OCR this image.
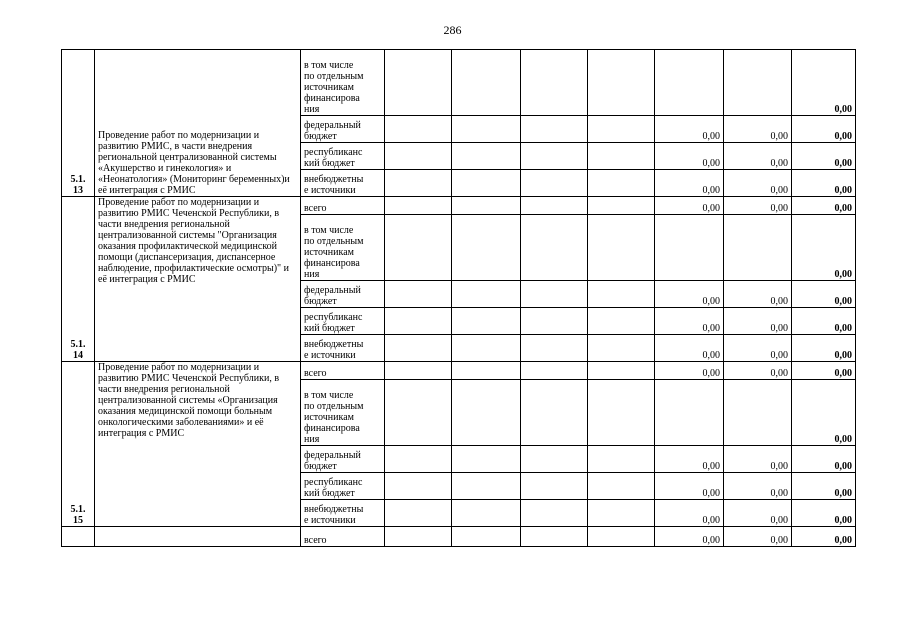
286
5.1.
13	Проведение работ по модернизации и развитию РМИС, в части внедрения региональной централизованной системы «Акушерство и гинекология» и «Неонатология» (Мониторинг беременных)и её интеграция с РМИС	в том числе
по отдельным
источникам
финансирова
ния							0,00
		федеральный
бюджет					0,00	0,00	0,00
		республиканс
кий бюджет					0,00	0,00	0,00
		внебюджетны
е источники					0,00	0,00	0,00
5.1.
14	Проведение работ по модернизации и развитию РМИС Чеченской Республики, в части внедрения региональной централизованной системы "Организация оказания профилактической медицинской помощи (диспансеризация, диспансерное наблюдение, профилактические осмотры)" и её интеграция с РМИС	всего					0,00	0,00	0,00
		в том числе
по отдельным
источникам
финансирова
ния							0,00
		федеральный
бюджет					0,00	0,00	0,00
		республиканс
кий бюджет					0,00	0,00	0,00
		внебюджетны
е источники					0,00	0,00	0,00
5.1.
15	Проведение работ по модернизации и развитию РМИС Чеченской Республики, в части внедрения региональной централизованной системы «Организация оказания медицинской помощи больным онкологическими заболеваниями» и её интеграция с РМИС	всего					0,00	0,00	0,00
		в том числе
по отдельным
источникам
финансирова
ния							0,00
		федеральный
бюджет					0,00	0,00	0,00
		республиканс
кий бюджет					0,00	0,00	0,00
		внебюджетны
е источники					0,00	0,00	0,00
		всего					0,00	0,00	0,00
